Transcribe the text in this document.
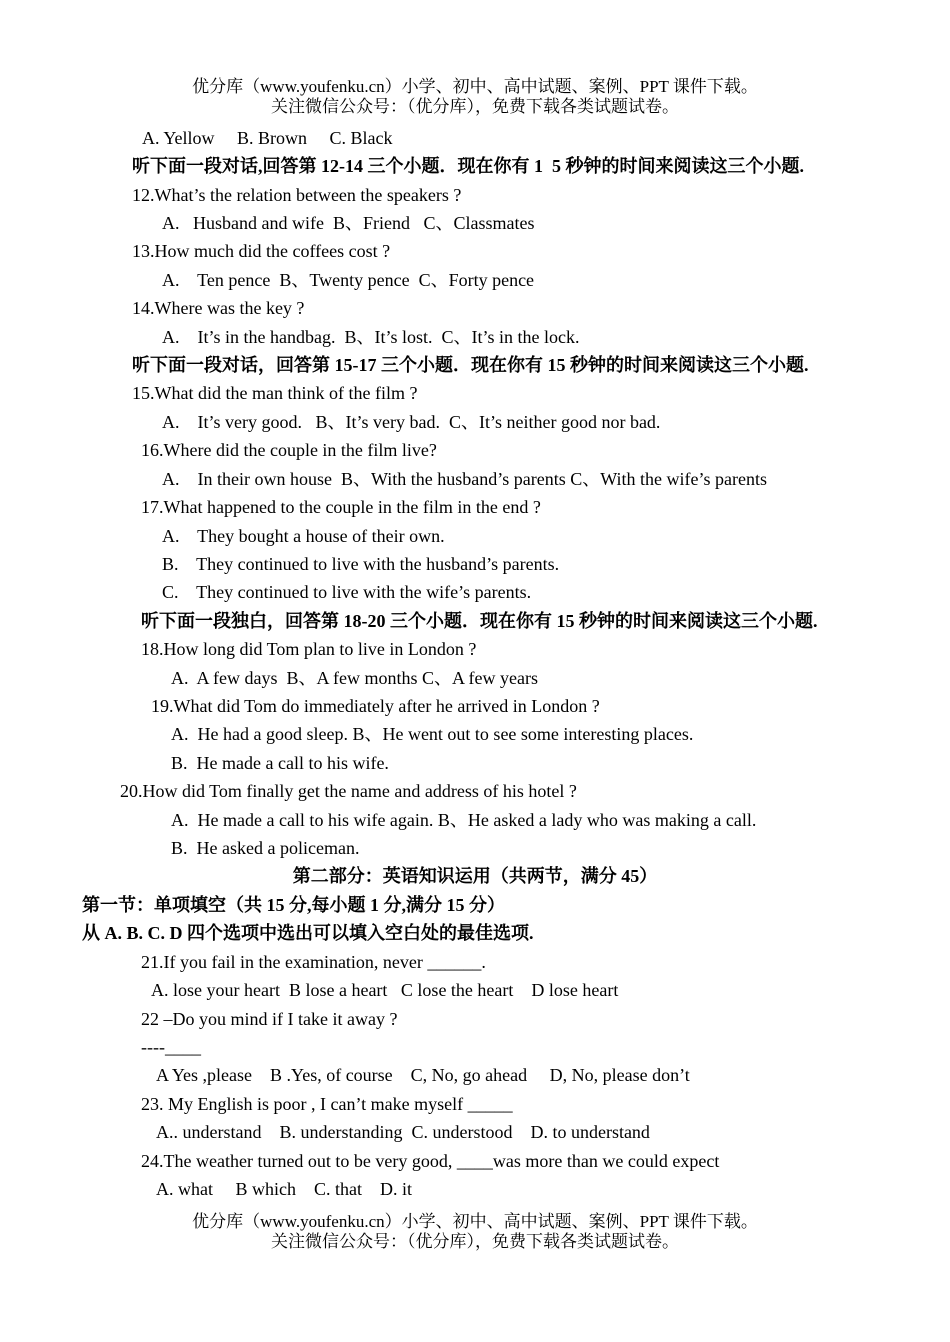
优分库（www.youfenku.cn）小学、初中、高中试题、案例、PPT 课件下载。
关注微信公众号：（优分库），免费下载各类试题试卷。
A. Yellow     B. Brown     C. Black
听下面一段对话,回答第 12-14 三个小题．现在你有 1  5 秒钟的时间来阅读这三个小题.
12.What’s the relation between the speakers ?
A.   Husband and wife  B、Friend   C、Classmates
13.How much did the coffees cost ?
A.    Ten pence  B、Twenty pence  C、Forty pence
14.Where was the key ?
A.    It’s in the handbag.  B、It’s lost.  C、It’s in the lock.
听下面一段对话，回答第 15-17 三个小题．现在你有 15 秒钟的时间来阅读这三个小题.
15.What did the man think of the film ?
A.    It’s very good.   B、It’s very bad.  C、It’s neither good nor bad.
16.Where did the couple in the film live?
A.    In their own house  B、With the husband’s parents C、With the wife’s parents
17.What happened to the couple in the film in the end ?
A.    They bought a house of their own.
B.    They continued to live with the husband’s parents.
C.    They continued to live with the wife’s parents.
听下面一段独白，回答第 18-20 三个小题．现在你有 15 秒钟的时间来阅读这三个小题.
18.How long did Tom plan to live in London ?
A.  A few days  B、A few months C、A few years
19.What did Tom do immediately after he arrived in London ?
A.  He had a good sleep. B、He went out to see some interesting places.
B.  He made a call to his wife.
20.How did Tom finally get the name and address of his hotel ?
A.  He made a call to his wife again. B、He asked a lady who was making a call.
B.  He asked a policeman.
第二部分：英语知识运用（共两节，满分 45）
第一节：单项填空（共 15 分,每小题 1 分,满分 15 分）
从 A. B. C. D 四个选项中选出可以填入空白处的最佳选项.
21.If you fail in the examination, never ______.
A. lose your heart  B lose a heart   C lose the heart    D lose heart
22 –Do you mind if I take it away ?
----____
A Yes ,please    B .Yes, of course    C, No, go ahead     D, No, please don’t
23. My English is poor , I can’t make myself _____
A.. understand    B. understanding  C. understood    D. to understand
24.The weather turned out to be very good, ____was more than we could expect
A. what     B which    C. that    D. it
优分库（www.youfenku.cn）小学、初中、高中试题、案例、PPT 课件下载。
关注微信公众号：（优分库），免费下载各类试题试卷。
